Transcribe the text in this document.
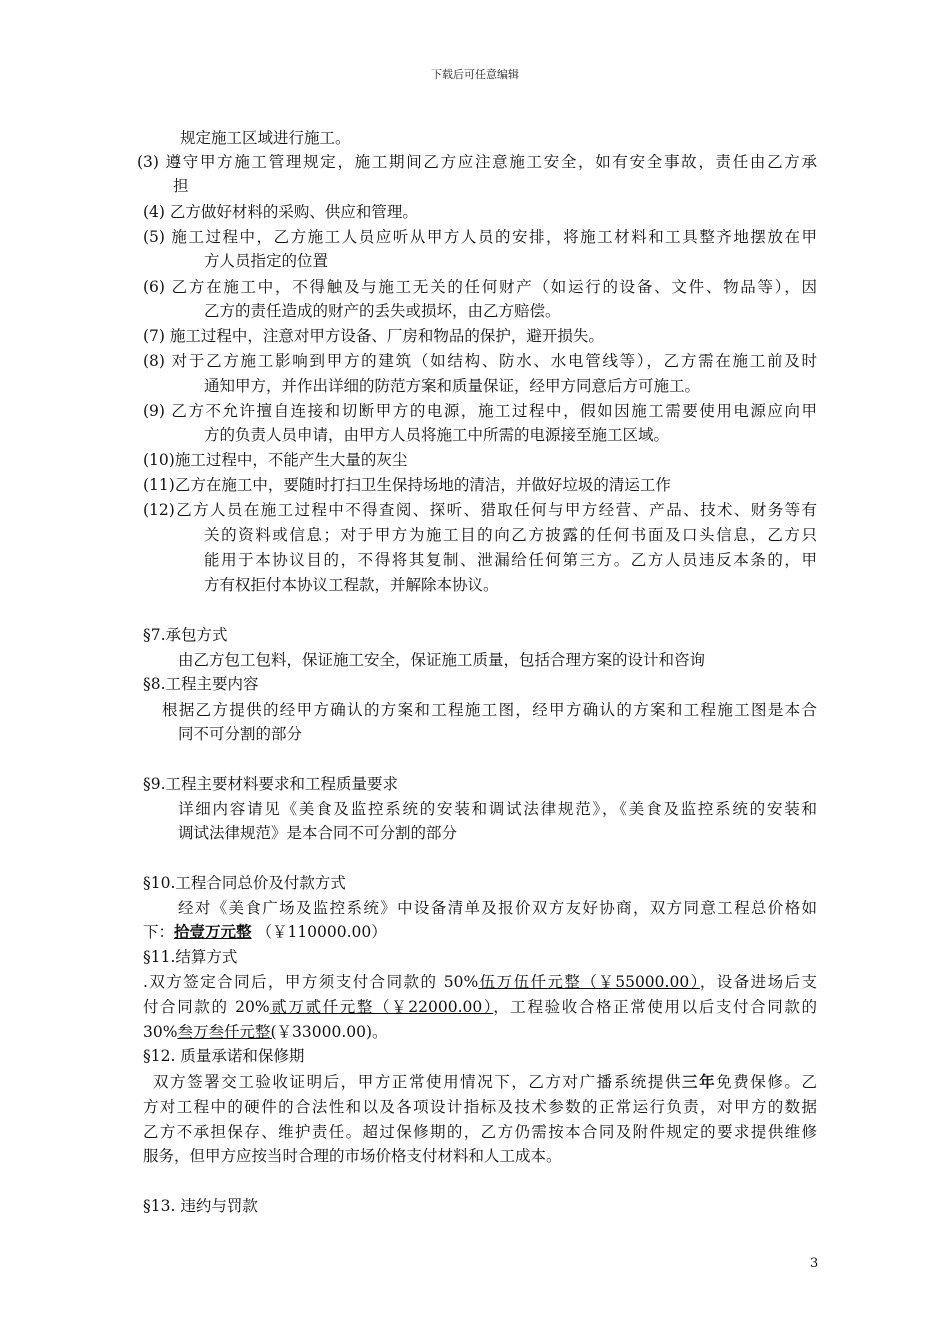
下载后可任意编辑
规定施工区域进行施工。
(3) 遵守甲方施工管理规定，施工期间乙方应注意施工安全，如有安全事故，责任由乙方承
担
(4) 乙方做好材料的采购、供应和管理。
(5) 施工过程中，乙方施工人员应听从甲方人员的安排，将施工材料和工具整齐地摆放在甲
方人员指定的位置
(6) 乙方在施工中，不得触及与施工无关的任何财产（如运行的设备、文件、物品等），因
乙方的责任造成的财产的丢失或损坏，由乙方赔偿。
(7) 施工过程中，注意对甲方设备、厂房和物品的保护，避开损失。
(8) 对于乙方施工影响到甲方的建筑（如结构、防水、水电管线等），乙方需在施工前及时
通知甲方，并作出详细的防范方案和质量保证，经甲方同意后方可施工。
(9) 乙方不允许擅自连接和切断甲方的电源，施工过程中，假如因施工需要使用电源应向甲
方的负责人员申请，由甲方人员将施工中所需的电源接至施工区域。
(10)施工过程中，不能产生大量的灰尘
(11)乙方在施工中，要随时打扫卫生保持场地的清洁，并做好垃圾的清运工作
(12)乙方人员在施工过程中不得查阅、探听、猎取任何与甲方经营、产品、技术、财务等有
关的资料或信息；对于甲方为施工目的向乙方披露的任何书面及口头信息，乙方只
能用于本协议目的，不得将其复制、泄漏给任何第三方。乙方人员违反本条的，甲
方有权拒付本协议工程款，并解除本协议。
§7.承包方式
由乙方包工包料，保证施工安全，保证施工质量，包括合理方案的设计和咨询
§8.工程主要内容
根据乙方提供的经甲方确认的方案和工程施工图，经甲方确认的方案和工程施工图是本合
同不可分割的部分
§9.工程主要材料要求和工程质量要求
详细内容请见《美食及监控系统的安装和调试法律规范》，《美食及监控系统的安装和
调试法律规范》是本合同不可分割的部分
§10.工程合同总价及付款方式
经对《美食广场及监控系统》中设备清单及报价双方友好协商，双方同意工程总价格如
下：拾壹万元整 （￥110000.00）
§11.结算方式
.双方签定合同后，甲方须支付合同款的 50%伍万伍仟元整（￥55000.00），设备进场后支
付合同款的 20%贰万贰仟元整（￥22000.00），工程验收合格正常使用以后支付合同款的
30%叁万叁仟元整(￥33000.00)。
§12. 质量承诺和保修期
双方签署交工验收证明后，甲方正常使用情况下，乙方对广播系统提供三年免费保修。乙
方对工程中的硬件的合法性和以及各项设计指标及技术参数的正常运行负责，对甲方的数据
乙方不承担保存、维护责任。超过保修期的，乙方仍需按本合同及附件规定的要求提供维修
服务，但甲方应按当时合理的市场价格支付材料和人工成本。
§13. 违约与罚款
3
